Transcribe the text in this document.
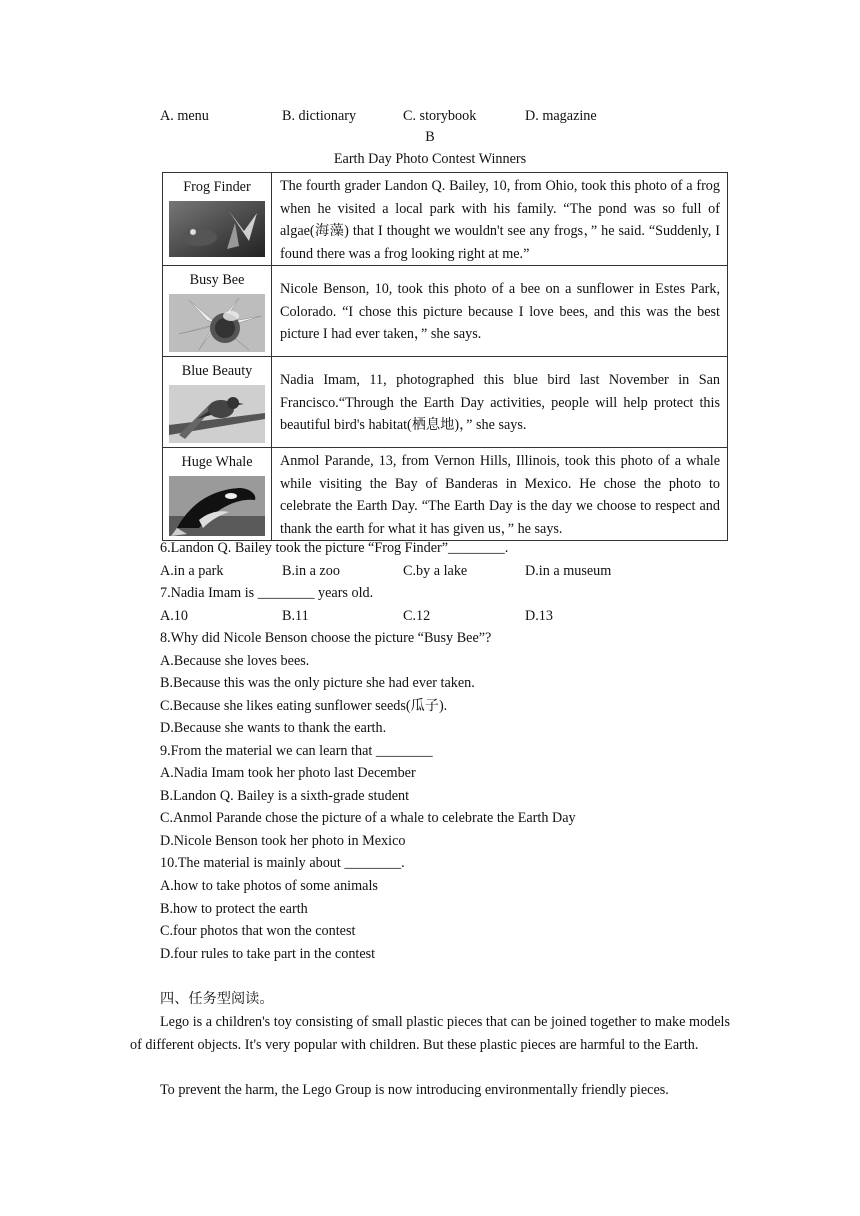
A. menu	B. dictionary	C. storybook	D. magazine
B
Earth Day Photo Contest Winners
Frog Finder	The fourth grader Landon Q. Bailey, 10, from Ohio, took this photo of a frog when he visited a local park with his family. “The pond was so full of algae(海藻) that I thought we wouldn't see any frogs，” he said. “Suddenly, I found there was a frog looking right at me.”

Busy Bee	Nicole Benson, 10, took this photo of a bee on a sunflower in Estes Park, Colorado. “I chose this picture because I love bees, and this was the best picture I had ever taken，” she says.

Blue Beauty	Nadia Imam, 11, photographed this blue bird last November in San Francisco.“Through the Earth Day activities, people will help protect this beautiful bird's habitat(栖息地)，” she says.

Huge Whale	Anmol Parande, 13, from Vernon Hills, Illinois, took this photo of a whale while visiting the Bay of Banderas in Mexico. He chose the photo to celebrate the Earth Day. “The Earth Day is the day we choose to respect and thank the earth for what it has given us，” he says.
6.Landon Q. Bailey took the picture “Frog Finder”________.
A.in a park	B.in a zoo	C.by a lake	D.in a museum
7.Nadia Imam is ________ years old.
A.10	B.11	C.12	D.13
8.Why did Nicole Benson choose the picture “Busy Bee”?
A.Because she loves bees.
B.Because this was the only picture she had ever taken.
C.Because she likes eating sunflower seeds(瓜子).
D.Because she wants to thank the earth.
9.From the material we can learn that ________
A.Nadia Imam took her photo last December
B.Landon Q. Bailey is a sixth-grade student
C.Anmol Parande chose the picture of a whale to celebrate the Earth Day
D.Nicole Benson took her photo in Mexico
10.The material is mainly about ________.
A.how to take photos of some animals
B.how to protect the earth
C.four photos that won the contest
D.four rules to take part in the contest
四、任务型阅读。
Lego is a children's toy consisting of small plastic pieces that can be joined together to make models of different objects. It's very popular with children. But these plastic pieces are harmful to the Earth.
To prevent the harm, the Lego Group is now introducing environmentally friendly pieces.
